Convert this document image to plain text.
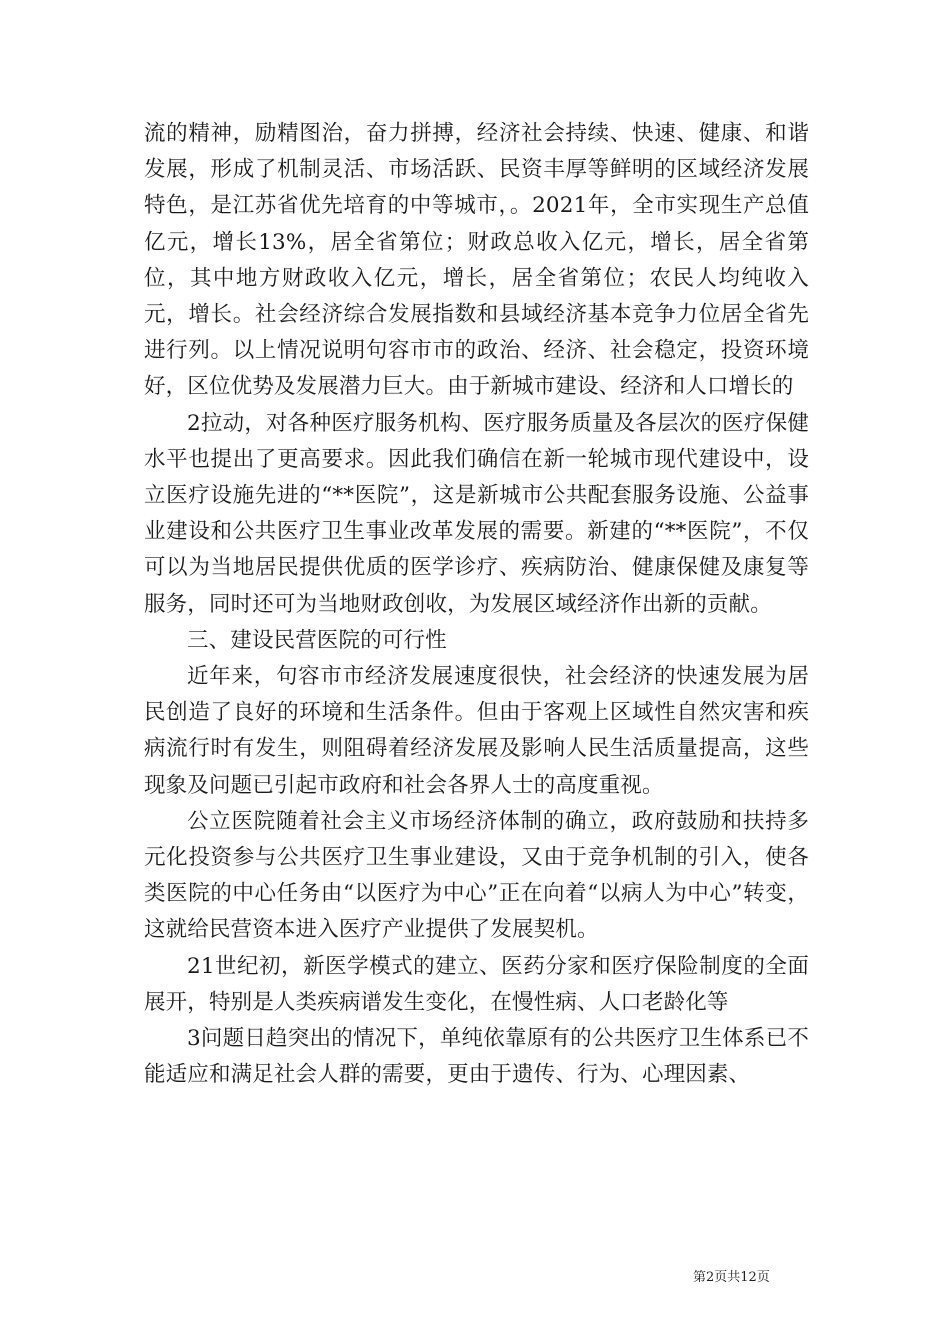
流的精神，励精图治，奋力拼搏，经济社会持续、快速、健康、和谐发展，形成了机制灵活、市场活跃、民资丰厚等鲜明的区域经济发展特色，是江苏省优先培育的中等城市，。2021年，全市实现生产总值亿元，增长13%，居全省第位；财政总收入亿元，增长，居全省第位，其中地方财政收入亿元，增长，居全省第位；农民人均纯收入元，增长。社会经济综合发展指数和县域经济基本竞争力位居全省先进行列。以上情况说明句容市市的政治、经济、社会稳定，投资环境好，区位优势及发展潜力巨大。由于新城市建设、经济和人口增长的

2拉动，对各种医疗服务机构、医疗服务质量及各层次的医疗保健水平也提出了更高要求。因此我们确信在新一轮城市现代建设中，设立医疗设施先进的“**医院”，这是新城市公共配套服务设施、公益事业建设和公共医疗卫生事业改革发展的需要。新建的“**医院”，不仅可以为当地居民提供优质的医学诊疗、疾病防治、健康保健及康复等服务，同时还可为当地财政创收，为发展区域经济作出新的贡献。

三、建设民营医院的可行性

近年来，句容市市经济发展速度很快，社会经济的快速发展为居民创造了良好的环境和生活条件。但由于客观上区域性自然灾害和疾病流行时有发生，则阻碍着经济发展及影响人民生活质量提高，这些现象及问题已引起市政府和社会各界人士的高度重视。

公立医院随着社会主义市场经济体制的确立，政府鼓励和扶持多元化投资参与公共医疗卫生事业建设，又由于竞争机制的引入，使各类医院的中心任务由“以医疗为中心”正在向着“以病人为中心”转变，这就给民营资本进入医疗产业提供了发展契机。

21世纪初，新医学模式的建立、医药分家和医疗保险制度的全面展开，特别是人类疾病谱发生变化，在慢性病、人口老龄化等

3问题日趋突出的情况下，单纯依靠原有的公共医疗卫生体系已不能适应和满足社会人群的需要，更由于遗传、行为、心理因素、

第2页共12页
